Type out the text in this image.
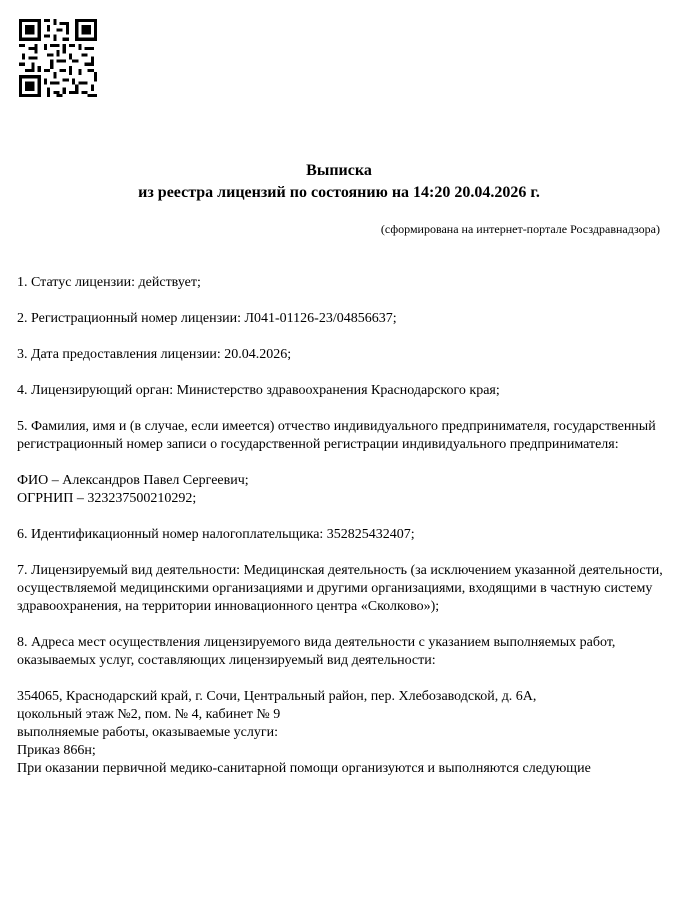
Выписка
из реестра лицензий по состоянию на 14:20 20.04.2026 г.
(сформирована на интернет-портале Росздравнадзора)

1. Статус лицензии: действует;

2. Регистрационный номер лицензии: Л041-01126-23/04856637;

3. Дата предоставления лицензии: 20.04.2026;

4. Лицензирующий орган: Министерство здравоохранения Краснодарского края;

5. Фамилия, имя и (в случае, если имеется) отчество индивидуального предпринимателя, государственный регистрационный номер записи о государственной регистрации индивидуального предпринимателя:

ФИО – Александров Павел Сергеевич;

ОГРНИП – 323237500210292;

6. Идентификационный номер налогоплательщика: 352825432407;

7. Лицензируемый вид деятельности: Медицинская деятельность (за исключением указанной деятельности, осуществляемой медицинскими организациями и другими организациями, входящими в частную систему здравоохранения, на территории инновационного центра «Сколково»);

8. Адреса мест осуществления лицензируемого вида деятельности с указанием выполняемых работ, оказываемых услуг, составляющих лицензируемый вид деятельности:

354065, Краснодарский край, г. Сочи, Центральный район, пер. Хлебозаводской, д. 6А,

цокольный этаж №2, пом. № 4, кабинет № 9

выполняемые работы, оказываемые услуги:

Приказ 866н;

При оказании первичной медико-санитарной помощи организуются и выполняются следующие
